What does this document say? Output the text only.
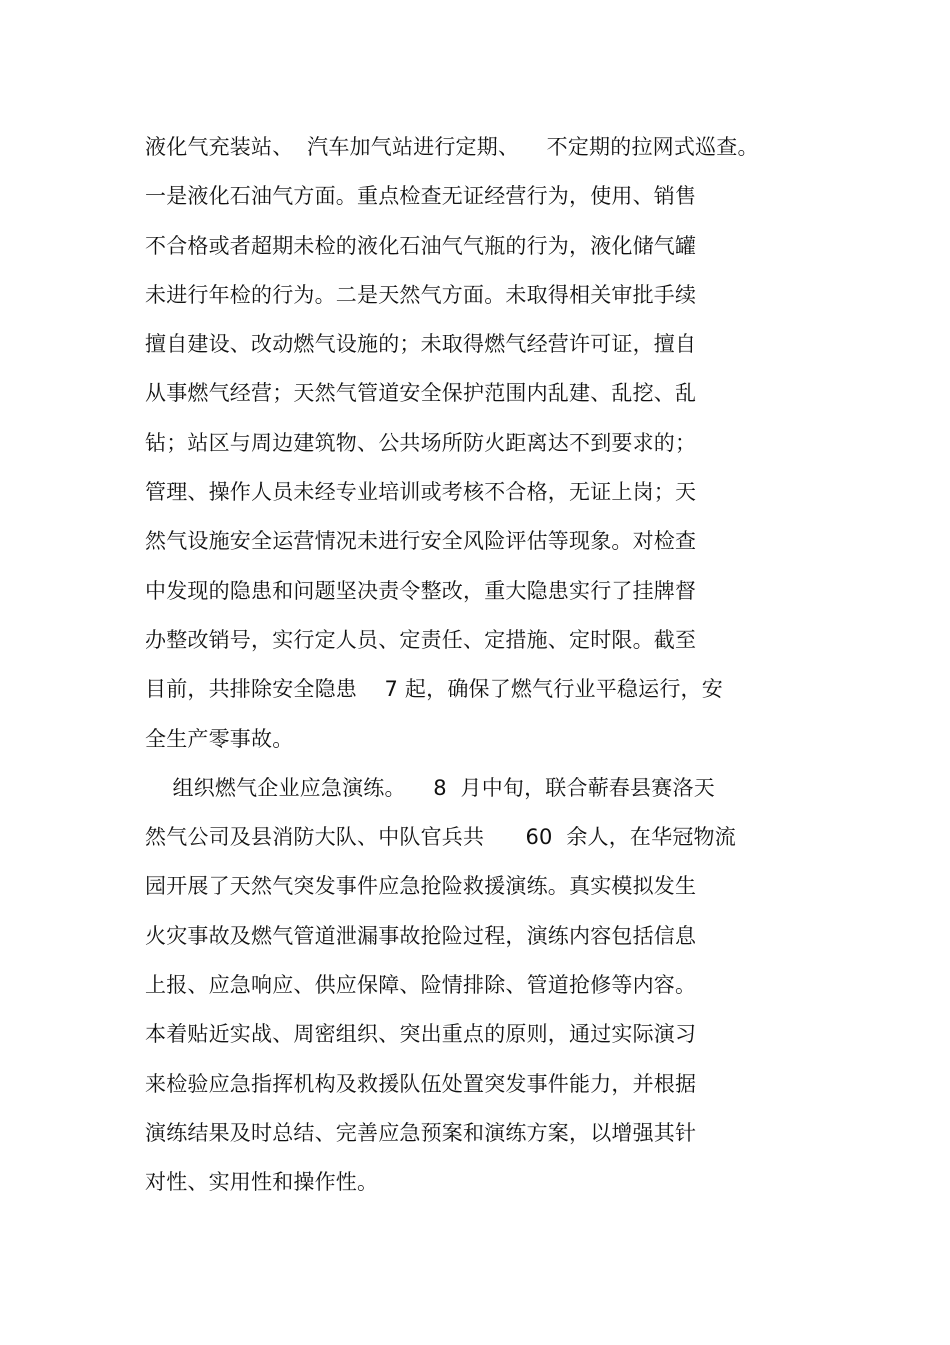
液化气充装站、  汽车加气站进行定期、    不定期的拉网式巡查。
一是液化石油气方面。重点检查无证经营行为，使用、销售
不合格或者超期未检的液化石油气气瓶的行为，液化储气罐
未进行年检的行为。二是天然气方面。未取得相关审批手续
擅自建设、改动燃气设施的；未取得燃气经营许可证，擅自
从事燃气经营；天然气管道安全保护范围内乱建、乱挖、乱
钻；站区与周边建筑物、公共场所防火距离达不到要求的；
管理、操作人员未经专业培训或考核不合格，无证上岗；天
然气设施安全运营情况未进行安全风险评估等现象。对检查
中发现的隐患和问题坚决责令整改，重大隐患实行了挂牌督
办整改销号，实行定人员、定责任、定措施、定时限。截至
目前，共排除安全隐患    7 起，确保了燃气行业平稳运行，安
全生产零事故。
组织燃气企业应急演练。    8  月中旬，联合蕲春县赛洛天
然气公司及县消防大队、中队官兵共      60  余人，在华冠物流
园开展了天然气突发事件应急抢险救援演练。真实模拟发生
火灾事故及燃气管道泄漏事故抢险过程，演练内容包括信息
上报、应急响应、供应保障、险情排除、管道抢修等内容。
本着贴近实战、周密组织、突出重点的原则，通过实际演习
来检验应急指挥机构及救援队伍处置突发事件能力，并根据
演练结果及时总结、完善应急预案和演练方案，以增强其针
对性、实用性和操作性。
